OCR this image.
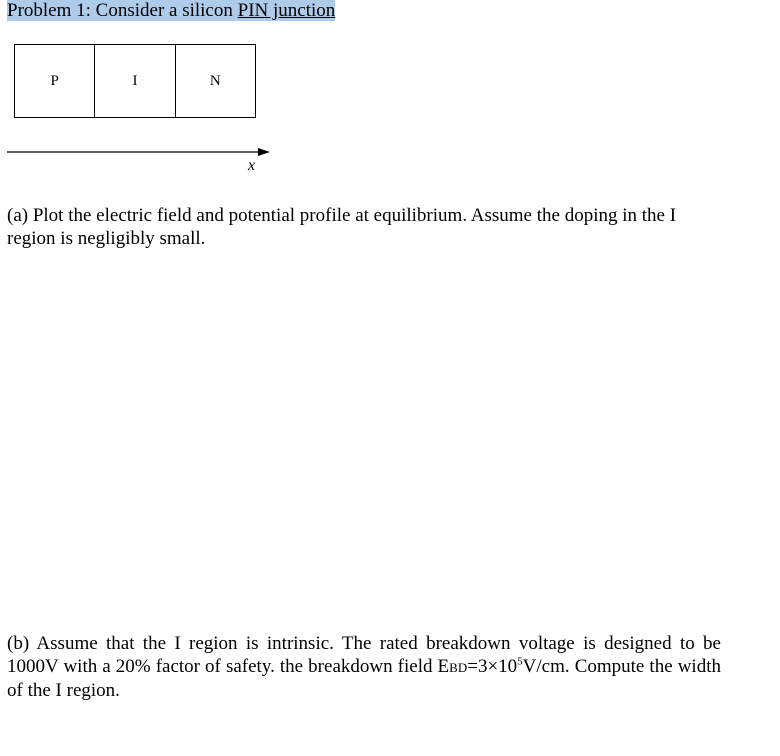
Problem 1: Consider a silicon PIN junction
P	I	N
x

(a) Plot the electric field and potential profile at equilibrium. Assume the doping in the I
region is negligibly small.

(b) Assume that the I region is intrinsic. The rated breakdown voltage is designed to be 1000V with a 20% factor of safety. the breakdown field $EBD=3\times 10^5V/cm$. Compute the width of the I region.
